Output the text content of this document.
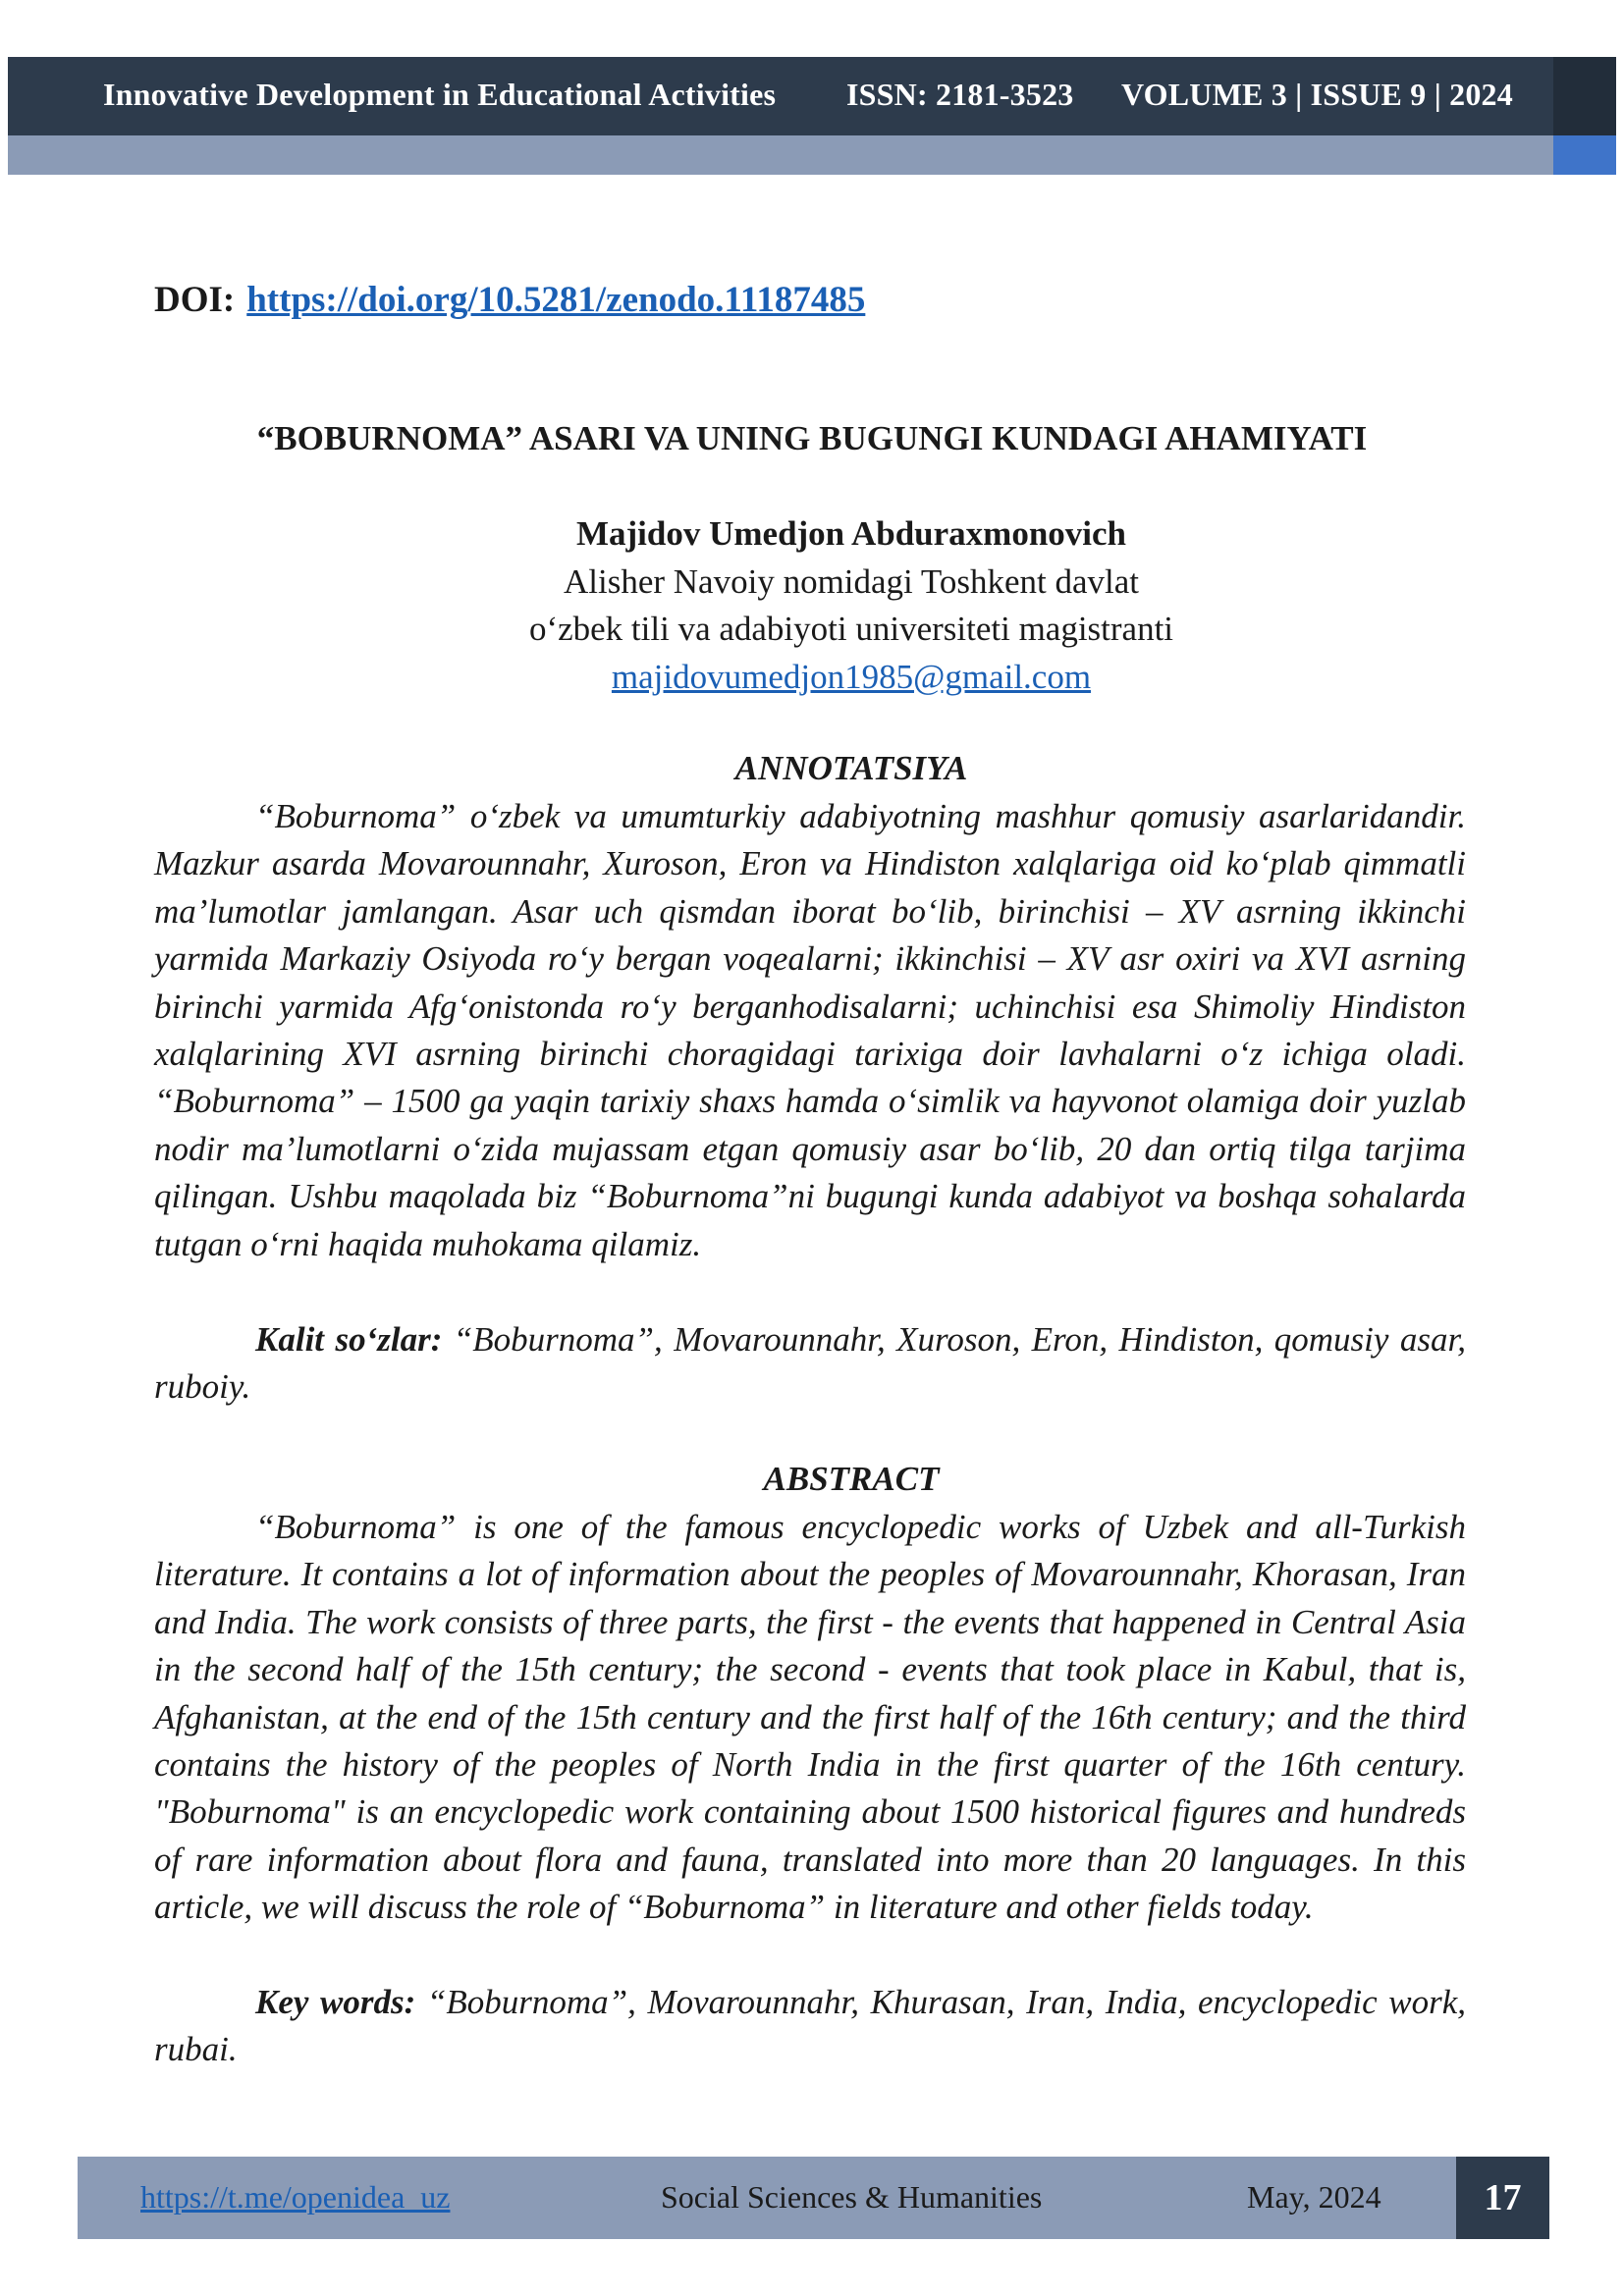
Innovative Development in Educational Activities ISSN: 2181-3523 VOLUME 3 | ISSUE 9 | 2024
DOI: https://doi.org/10.5281/zenodo.11187485
“BOBURNOMA” ASARI VA UNING BUGUNGI KUNDAGI AHAMIYATI
Majidov Umedjon Abduraxmonovich
Alisher Navoiy nomidagi Toshkent davlat
o‘zbek tili va adabiyoti universiteti magistranti
majidovumedjon1985@gmail.com
ANNOTATSIYA
“Boburnoma” o‘zbek va umumturkiy adabiyotning mashhur qomusiy asarlaridandir. Mazkur asarda Movarounnahr, Xuroson, Eron va Hindiston xalqlariga oid ko‘plab qimmatli ma’lumotlar jamlangan. Asar uch qismdan iborat bo‘lib, birinchisi – XV asrning ikkinchi yarmida Markaziy Osiyoda ro‘y bergan voqealarni; ikkinchisi – XV asr oxiri va XVI asrning birinchi yarmida Afg‘onistonda ro‘y berganhodisalarni; uchinchisi esa Shimoliy Hindiston xalqlarining XVI asrning birinchi choragidagi tarixiga doir lavhalarni o‘z ichiga oladi. “Boburnoma” – 1500 ga yaqin tarixiy shaxs hamda o‘simlik va hayvonot olamiga doir yuzlab nodir ma’lumotlarni o‘zida mujassam etgan qomusiy asar bo‘lib, 20 dan ortiq tilga tarjima qilingan. Ushbu maqolada biz “Boburnoma”ni bugungi kunda adabiyot va boshqa sohalarda tutgan o‘rni haqida muhokama qilamiz.
Kalit so‘zlar: “Boburnoma”, Movarounnahr, Xuroson, Eron, Hindiston, qomusiy asar, ruboiy.
ABSTRACT
“Boburnoma” is one of the famous encyclopedic works of Uzbek and all-Turkish literature. It contains a lot of information about the peoples of Movarounnahr, Khorasan, Iran and India. The work consists of three parts, the first - the events that happened in Central Asia in the second half of the 15th century; the second - events that took place in Kabul, that is, Afghanistan, at the end of the 15th century and the first half of the 16th century; and the third contains the history of the peoples of North India in the first quarter of the 16th century. "Boburnoma" is an encyclopedic work containing about 1500 historical figures and hundreds of rare information about flora and fauna, translated into more than 20 languages. In this article, we will discuss the role of “Boburnoma” in literature and other fields today.
Key words: “Boburnoma”, Movarounnahr, Khurasan, Iran, India, encyclopedic work, rubai.
https://t.me/openidea_uz	Social Sciences & Humanities	May, 2024	17
